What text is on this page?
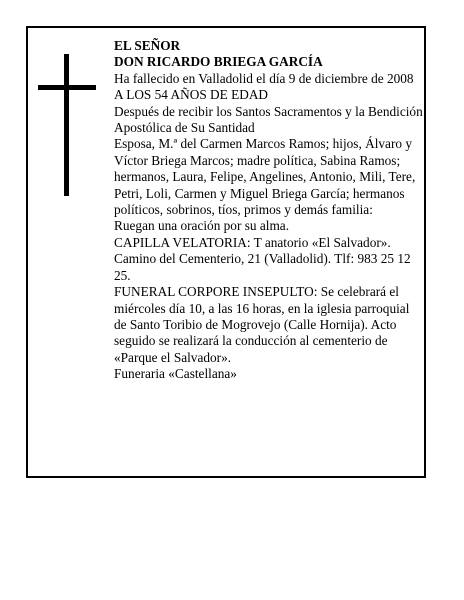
EL SEÑOR

DON RICARDO BRIEGA GARCÍA

Ha fallecido en Valladolid el día 9 de diciembre de 2008

A LOS 54 AÑOS DE EDAD

Después de recibir los Santos Sacramentos y la Bendición Apostólica de Su Santidad

Esposa, M.ª del Carmen Marcos Ramos; hijos, Álvaro y Víctor Briega Marcos; madre política, Sabina Ramos; hermanos, Laura, Felipe, Angelines, Antonio, Mili, Tere, Petri, Loli, Carmen y Miguel Briega García; hermanos políticos, sobrinos, tíos, primos y demás familia:

Ruegan una oración por su alma.

CAPILLA VELATORIA: T anatorio «El Salvador». Camino del Cementerio, 21 (Valladolid). Tlf: 983 25 12 25.

FUNERAL CORPORE INSEPULTO: Se celebrará el miércoles día 10, a las 16 horas, en la iglesia parroquial de Santo Toribio de Mogrovejo (Calle Hornija). Acto seguido se realizará la conducción al cementerio de «Parque el Salvador».

Funeraria «Castellana»
